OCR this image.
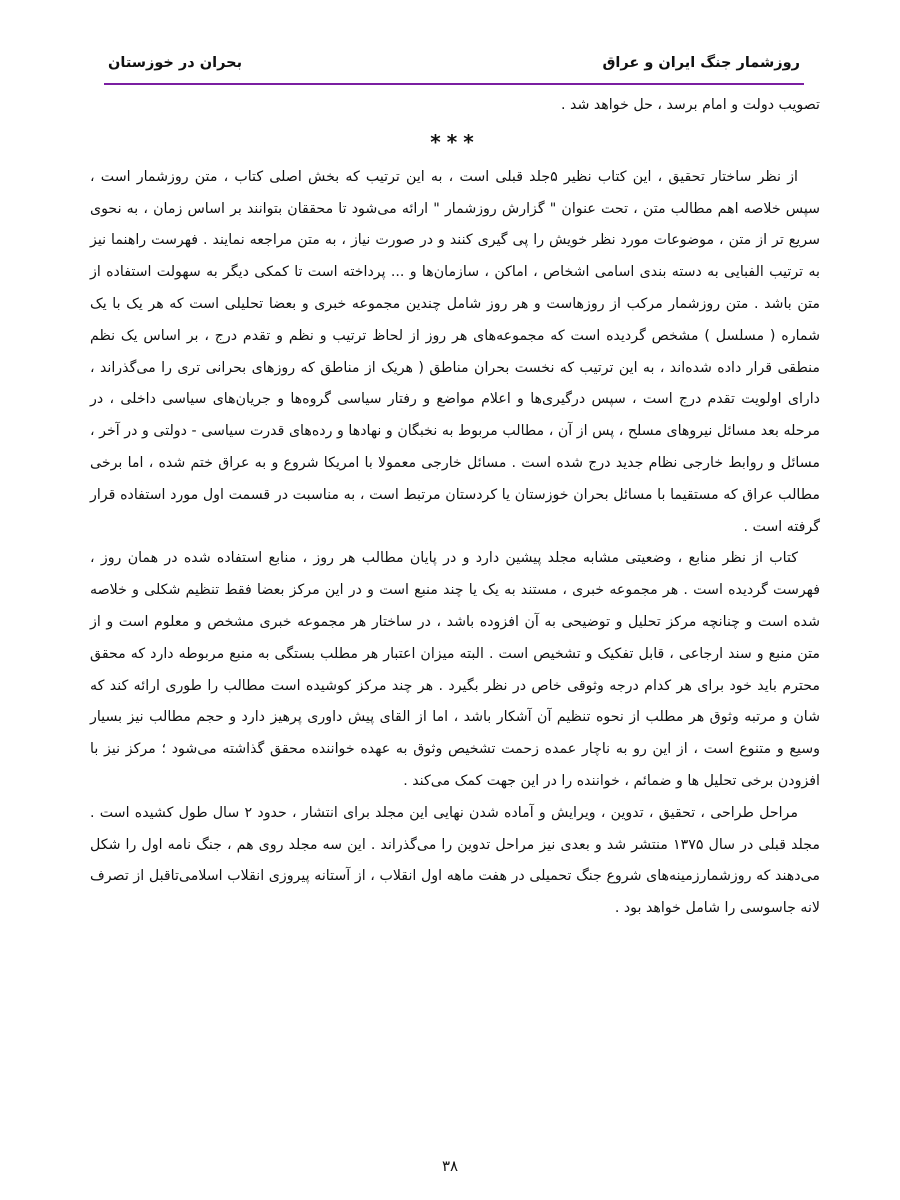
روزشمار جنگ ایران و عراق
بحران در خوزستان

تصویب دولت و امام برسد ، حل خواهد شد .

***

از نظر ساختار تحقیق ، این کتاب نظیر ۵جلد قبلی است ، به این ترتیب که بخش اصلی کتاب ، متن روزشمار است ، سپس خلاصه اهم مطالب متن ، تحت عنوان " گزارش روزشمار " ارائه می‌شود تا محققان بتوانند بر اساس زمان ، به نحوی سریع تر از متن ، موضوعات مورد نظر خویش را پی گیری کنند و در صورت نیاز ، به متن مراجعه نمایند . فهرست راهنما نیز به ترتیب الفبایی به دسته بندی اسامی اشخاص ، اماکن ، سازمان‌ها و ... پرداخته است تا کمکی دیگر به سهولت استفاده از متن باشد . متن روزشمار مرکب از روزهاست و هر روز شامل چندین مجموعه خبری و بعضا تحلیلی است که هر یک با یک شماره ( مسلسل ) مشخص گردیده است که مجموعه‌های هر روز از لحاظ ترتیب و نظم و تقدم درج ، بر اساس یک نظم منطقی قرار داده شده‌اند ، به این ترتیب که نخست بحران مناطق ( هریک از مناطق که روزهای بحرانی تری را می‌گذراند ، دارای اولویت تقدم درج است ، سپس درگیری‌ها و اعلام مواضع و رفتار سیاسی گروه‌ها و جریان‌های سیاسی داخلی ، در مرحله بعد مسائل نیروهای مسلح ، پس از آن ، مطالب مربوط به نخبگان و نهادها و رده‌های قدرت سیاسی - دولتی و در آخر ، مسائل و روابط خارجی نظام جدید درج شده است . مسائل خارجی معمولا با امریکا شروع و به عراق ختم شده ، اما برخی مطالب عراق که مستقیما با مسائل بحران خوزستان یا کردستان مرتبط است ، به مناسبت در قسمت اول مورد استفاده قرار گرفته است .

کتاب از نظر منابع ، وضعیتی مشابه مجلد پیشین دارد و در پایان مطالب هر روز ، منابع استفاده شده در همان روز ، فهرست گردیده است . هر مجموعه خبری ، مستند به یک یا چند منبع است و در این مرکز بعضا فقط تنظیم شکلی و خلاصه شده است و چنانچه مرکز تحلیل و توضیحی به آن افزوده باشد ، در ساختار هر مجموعه خبری مشخص و معلوم است و از متن منبع و سند ارجاعی ، قابل تفکیک و تشخیص است . البته میزان اعتبار هر مطلب بستگی به منبع مربوطه دارد که محقق محترم باید خود برای هر کدام درجه وثوقی خاص در نظر بگیرد . هر چند مرکز کوشیده است مطالب را طوری ارائه کند که شان و مرتبه وثوق هر مطلب از نحوه تنظیم آن آشکار باشد ، اما از القای پیش داوری پرهیز دارد و حجم مطالب نیز بسیار وسیع و متنوع است ، از این رو به ناچار عمده زحمت تشخیص وثوق به عهده خواننده محقق گذاشته می‌شود ؛ مرکز نیز با افزودن برخی تحلیل ها و ضمائم ، خواننده را در این جهت کمک می‌کند .

مراحل طراحی ، تحقیق ، تدوین ، ویرایش و آماده شدن نهایی این مجلد برای انتشار ، حدود ۲ سال طول کشیده است . مجلد قبلی در سال ۱۳۷۵ منتشر شد و بعدی نیز مراحل تدوین را می‌گذراند . این سه مجلد روی هم ، جنگ نامه اول را شکل می‌دهند که روزشمارزمینه‌های شروع جنگ تحمیلی در هفت ماهه اول انقلاب ، از آستانه پیروزی انقلاب اسلامی‌تاقبل از تصرف لانه جاسوسی را شامل خواهد بود .

۳۸
